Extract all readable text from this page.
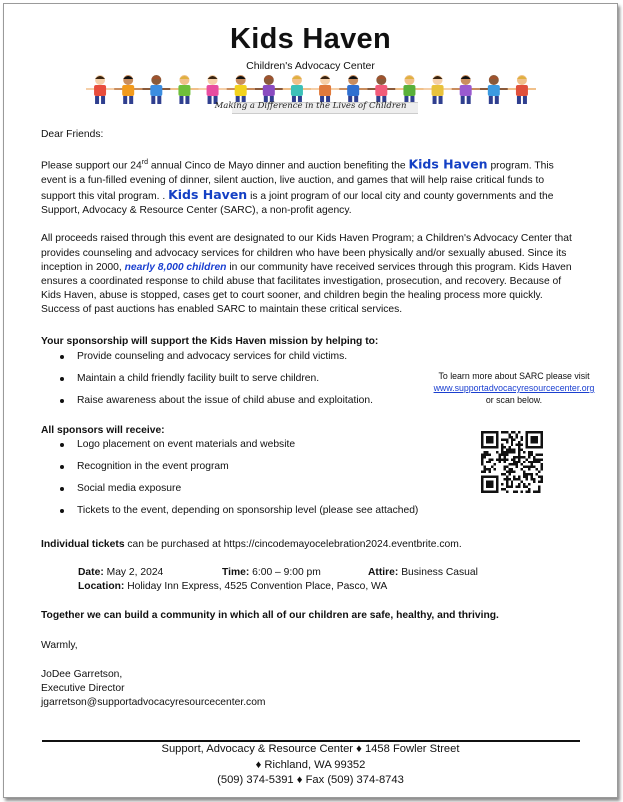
Kids Haven
Children's Advocacy Center
Making a Difference in the Lives of Children

Dear Friends:

Please support our 24rd annual Cinco de Mayo dinner and auction benefiting the Kids Haven program. This event is a fun-filled evening of dinner, silent auction, live auction, and games that will help raise critical funds to support this vital program. . Kids Haven is a joint program of our local city and county governments and the Support, Advocacy & Resource Center (SARC), a non-profit agency.

All proceeds raised through this event are designated to our Kids Haven Program; a Children's Advocacy Center that provides counseling and advocacy services for children who have been physically and/or sexually abused. Since its inception in 2000, nearly 8,000 children in our community have received services through this program. Kids Haven ensures a coordinated response to child abuse that facilitates investigation, prosecution, and recovery. Because of Kids Haven, abuse is stopped, cases get to court sooner, and children begin the healing process more quickly. Success of past auctions has enabled SARC to maintain these critical services.

Your sponsorship will support the Kids Haven mission by helping to:

Provide counseling and advocacy services for child victims.
Maintain a child friendly facility built to serve children.
Raise awareness about the issue of child abuse and exploitation.

All sponsors will receive:

Logo placement on event materials and website
Recognition in the event program
Social media exposure
Tickets to the event, depending on sponsorship level (please see attached)

Individual tickets can be purchased at https://cincodemayocelebration2024.eventbrite.com.

Date: May 2, 2024	Time: 6:00 – 9:00 pm	Attire: Business Casual
Location: Holiday Inn Express, 4525 Convention Place, Pasco, WA

Together we can build a community in which all of our children are safe, healthy, and thriving.

Warmly,

JoDee Garretson,

Executive Director

jgarretson@supportadvocacyresourcecenter.com

To learn more about SARC please visit
www.supportadvocacyresourcecenter.org
or scan below.
Support, Advocacy & Resource Center ♦ 1458 Fowler Street
♦ Richland, WA 99352
(509) 374-5391 ♦ Fax (509) 374-8743
